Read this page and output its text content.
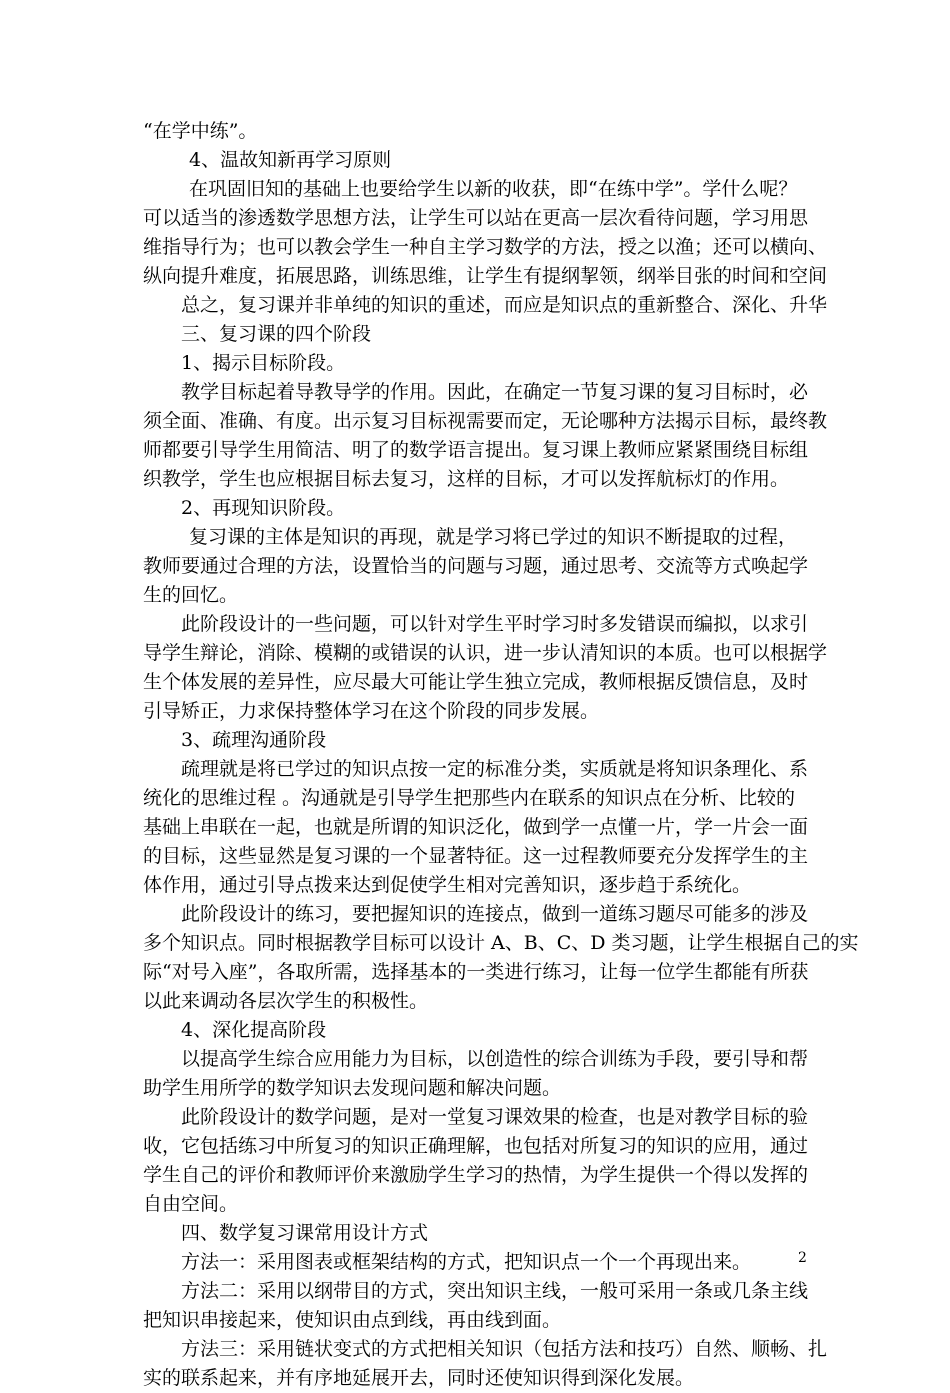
“在学中练”。
4、温故知新再学习原则
在巩固旧知的基础上也要给学生以新的收获，即“在练中学”。学什么呢？
可以适当的渗透数学思想方法，让学生可以站在更高一层次看待问题，学习用思
维指导行为；也可以教会学生一种自主学习数学的方法，授之以渔；还可以横向、
纵向提升难度，拓展思路，训练思维，让学生有提纲挈领，纲举目张的时间和空间
总之，复习课并非单纯的知识的重述，而应是知识点的重新整合、深化、升华
三、复习课的四个阶段
1、揭示目标阶段。
教学目标起着导教导学的作用。因此，在确定一节复习课的复习目标时，必
须全面、准确、有度。出示复习目标视需要而定，无论哪种方法揭示目标，最终教
师都要引导学生用简洁、明了的数学语言提出。复习课上教师应紧紧围绕目标组
织教学，学生也应根据目标去复习，这样的目标，才可以发挥航标灯的作用。
2、再现知识阶段。
复习课的主体是知识的再现，就是学习将已学过的知识不断提取的过程，
教师要通过合理的方法，设置恰当的问题与习题，通过思考、交流等方式唤起学
生的回忆。
此阶段设计的一些问题，可以针对学生平时学习时多发错误而编拟，以求引
导学生辩论，消除、模糊的或错误的认识，进一步认清知识的本质。也可以根据学
生个体发展的差异性，应尽最大可能让学生独立完成，教师根据反馈信息，及时
引导矫正，力求保持整体学习在这个阶段的同步发展。
3、疏理沟通阶段
疏理就是将已学过的知识点按一定的标准分类，实质就是将知识条理化、系
统化的思维过程 。沟通就是引导学生把那些内在联系的知识点在分析、比较的
基础上串联在一起，也就是所谓的知识泛化，做到学一点懂一片，学一片会一面
的目标，这些显然是复习课的一个显著特征。这一过程教师要充分发挥学生的主
体作用，通过引导点拨来达到促使学生相对完善知识，逐步趋于系统化。
此阶段设计的练习，要把握知识的连接点，做到一道练习题尽可能多的涉及
多个知识点。同时根据教学目标可以设计 A、B、C、D 类习题，让学生根据自己的实
际“对号入座”，各取所需，选择基本的一类进行练习，让每一位学生都能有所获
以此来调动各层次学生的积极性。
4、深化提高阶段
以提高学生综合应用能力为目标，以创造性的综合训练为手段，要引导和帮
助学生用所学的数学知识去发现问题和解决问题。
此阶段设计的数学问题，是对一堂复习课效果的检查，也是对教学目标的验
收，它包括练习中所复习的知识正确理解，也包括对所复习的知识的应用，通过
学生自己的评价和教师评价来激励学生学习的热情，为学生提供一个得以发挥的
自由空间。
四、数学复习课常用设计方式
方法一：采用图表或框架结构的方式，把知识点一个一个再现出来。
方法二：采用以纲带目的方式，突出知识主线，一般可采用一条或几条主线
把知识串接起来，使知识由点到线，再由线到面。
方法三：采用链状变式的方式把相关知识（包括方法和技巧）自然、顺畅、扎
实的联系起来，并有序地延展开去，同时还使知识得到深化发展。
2
